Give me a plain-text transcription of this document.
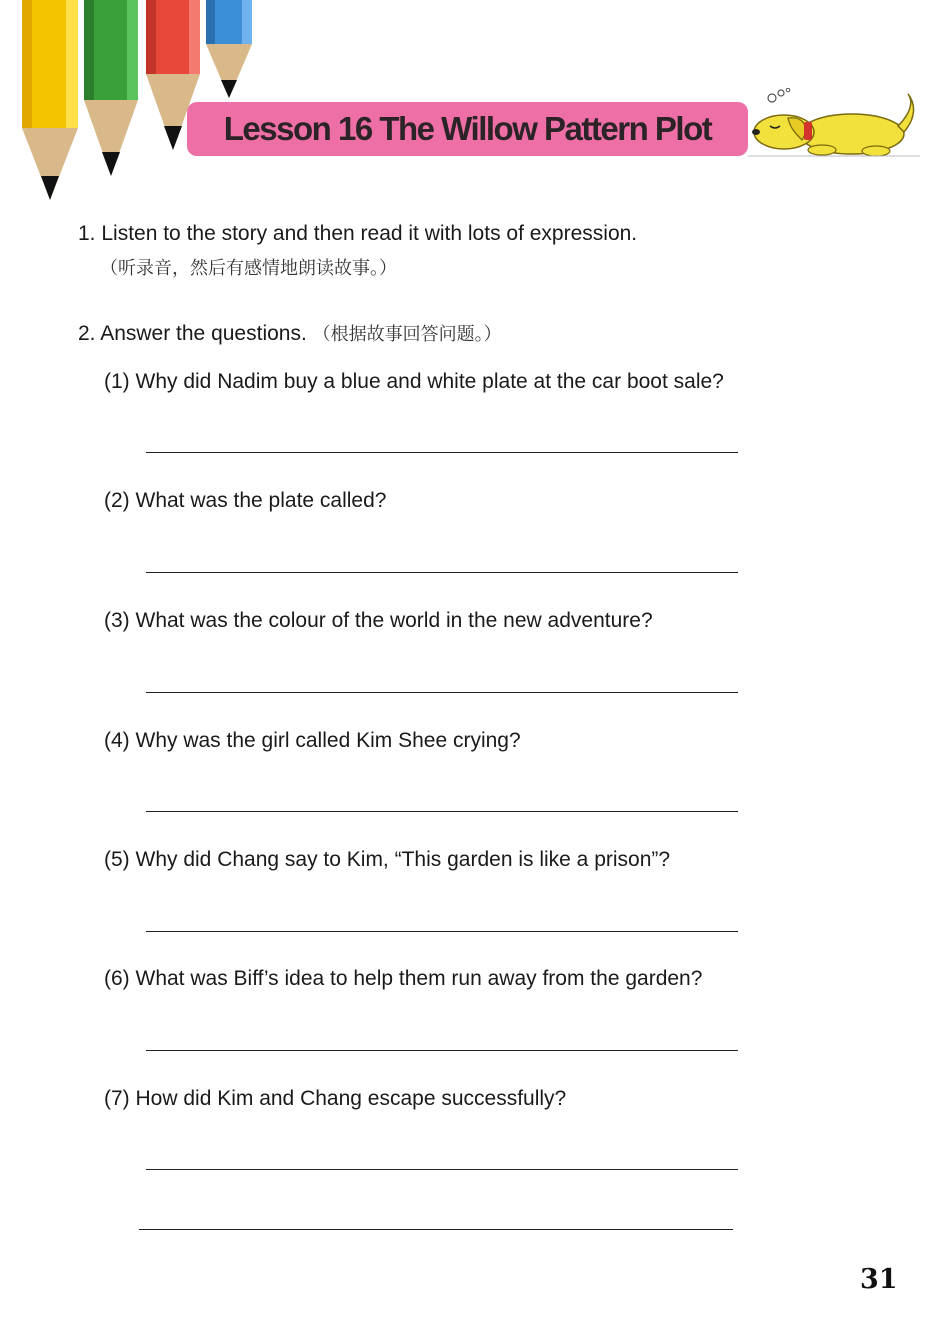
Lesson 16 The Willow Pattern Plot
1. Listen to the story and then read it with lots of expression.
（听录音，然后有感情地朗读故事。）
2. Answer the questions. （根据故事回答问题。）
(1) Why did Nadim buy a blue and white plate at the car boot sale?
(2) What was the plate called?
(3) What was the colour of the world in the new adventure?
(4) Why was the girl called Kim Shee crying?
(5) Why did Chang say to Kim, “This garden is like a prison”?
(6) What was Biff’s idea to help them run away from the garden?
(7) How did Kim and Chang escape successfully?
31
